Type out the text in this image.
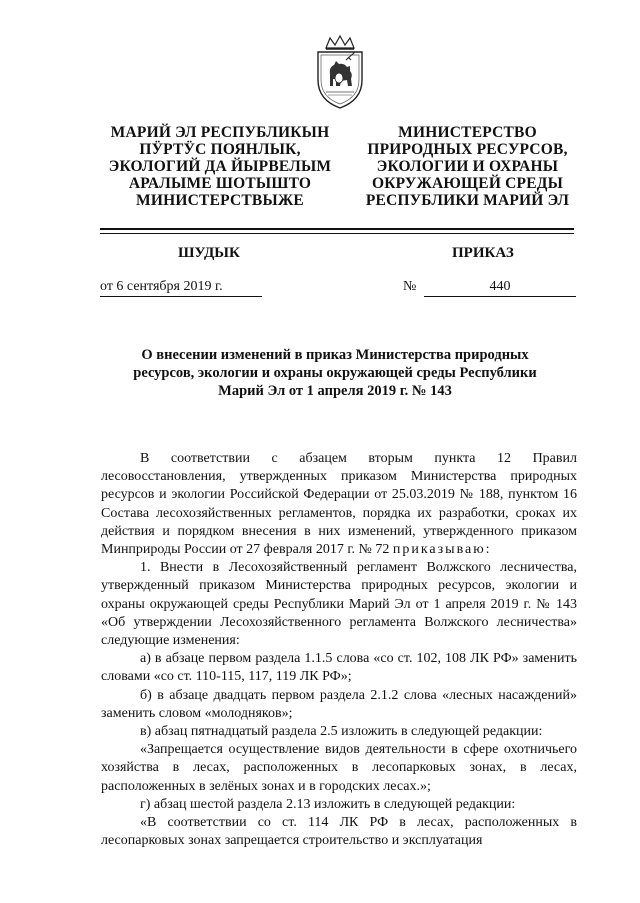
МАРИЙ ЭЛ РЕСПУБЛИКЫН
ПӰРТӰС ПОЯНЛЫК,
ЭКОЛОГИЙ ДА ЙЫРВЕЛЫМ
АРАЛЫМЕ ШОТЫШТО
МИНИСТЕРСТВЫЖЕ
МИНИСТЕРСТВО
ПРИРОДНЫХ РЕСУРСОВ,
ЭКОЛОГИИ И ОХРАНЫ
ОКРУЖАЮЩЕЙ СРЕДЫ
РЕСПУБЛИКИ МАРИЙ ЭЛ
ШУДЫК	ПРИКАЗ
от 6 сентября 2019 г.	№	440
О внесении изменений в приказ Министерства природных
ресурсов, экологии и охраны окружающей среды Республики
Марий Эл от 1 апреля 2019 г. № 143

В соответствии с абзацем вторым пункта 12 Правил лесовосстановления, утвержденных приказом Министерства природных ресурсов и экологии Российской Федерации от 25.03.2019 № 188, пунктом 16 Состава лесохозяйственных регламентов, порядка их разработки, сроках их действия и порядком внесения в них изменений, утвержденного приказом Минприроды России от 27 февраля 2017 г. № 72 приказываю:

1. Внести в Лесохозяйственный регламент Волжского лесничества, утвержденный приказом Министерства природных ресурсов, экологии и охраны окружающей среды Республики Марий Эл от 1 апреля 2019 г. № 143 «Об утверждении Лесохозяйственного регламента Волжского лесничества» следующие изменения:

а) в абзаце первом раздела 1.1.5 слова «со ст. 102, 108 ЛК РФ» заменить словами «со ст. 110-115, 117, 119 ЛК РФ»;

б) в абзаце двадцать первом раздела 2.1.2 слова «лесных насаждений» заменить словом «молодняков»;

в) абзац пятнадцатый раздела 2.5 изложить в следующей редакции:

«Запрещается осуществление видов деятельности в сфере охотничьего хозяйства в лесах, расположенных в лесопарковых зонах, в лесах, расположенных в зелёных зонах и в городских лесах.»;

г) абзац шестой раздела 2.13 изложить в следующей редакции:

«В соответствии со ст. 114 ЛК РФ в лесах, расположенных в лесопарковых зонах запрещается строительство и эксплуатация
